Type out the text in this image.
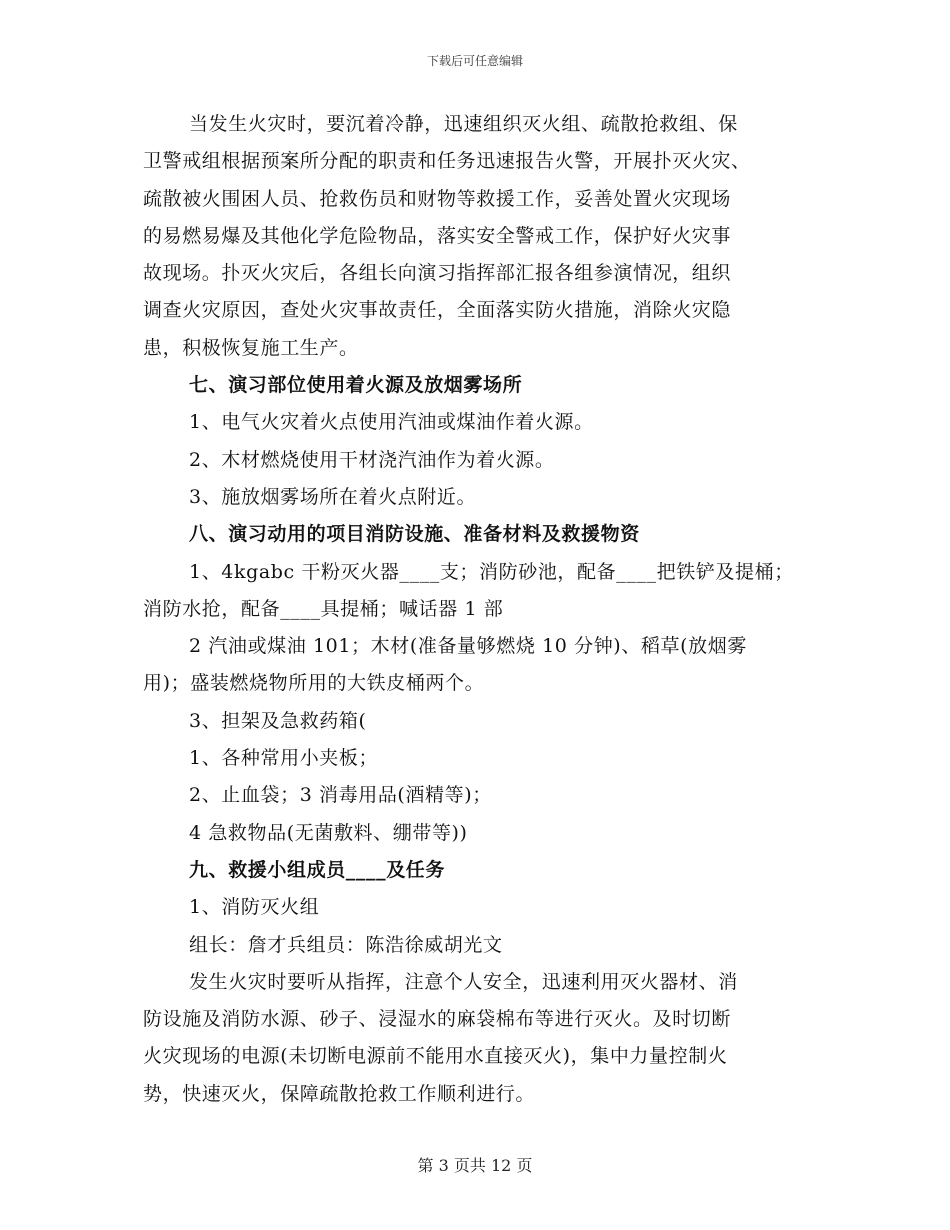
下载后可任意编辑
当发生火灾时，要沉着冷静，迅速组织灭火组、疏散抢救组、保
卫警戒组根据预案所分配的职责和任务迅速报告火警，开展扑灭火灾、
疏散被火围困人员、抢救伤员和财物等救援工作，妥善处置火灾现场
的易燃易爆及其他化学危险物品，落实安全警戒工作，保护好火灾事
故现场。扑灭火灾后，各组长向演习指挥部汇报各组参演情况，组织
调查火灾原因，查处火灾事故责任，全面落实防火措施，消除火灾隐
患，积极恢复施工生产。
七、演习部位使用着火源及放烟雾场所
1、电气火灾着火点使用汽油或煤油作着火源。
2、木材燃烧使用干材浇汽油作为着火源。
3、施放烟雾场所在着火点附近。
八、演习动用的项目消防设施、准备材料及救援物资
1、4kgabc 干粉灭火器____支；消防砂池，配备____把铁铲及提桶；
消防水抢，配备____具提桶；喊话器 1 部
2 汽油或煤油 101；木材(准备量够燃烧 10 分钟)、稻草(放烟雾
用)；盛装燃烧物所用的大铁皮桶两个。
3、担架及急救药箱(
1、各种常用小夹板；
2、止血袋；3 消毒用品(酒精等)；
4 急救物品(无菌敷料、绷带等))
九、救援小组成员____及任务
1、消防灭火组
组长：詹才兵组员：陈浩徐威胡光文
发生火灾时要听从指挥，注意个人安全，迅速利用灭火器材、消
防设施及消防水源、砂子、浸湿水的麻袋棉布等进行灭火。及时切断
火灾现场的电源(未切断电源前不能用水直接灭火)，集中力量控制火
势，快速灭火，保障疏散抢救工作顺利进行。
第 3 页共 12 页
